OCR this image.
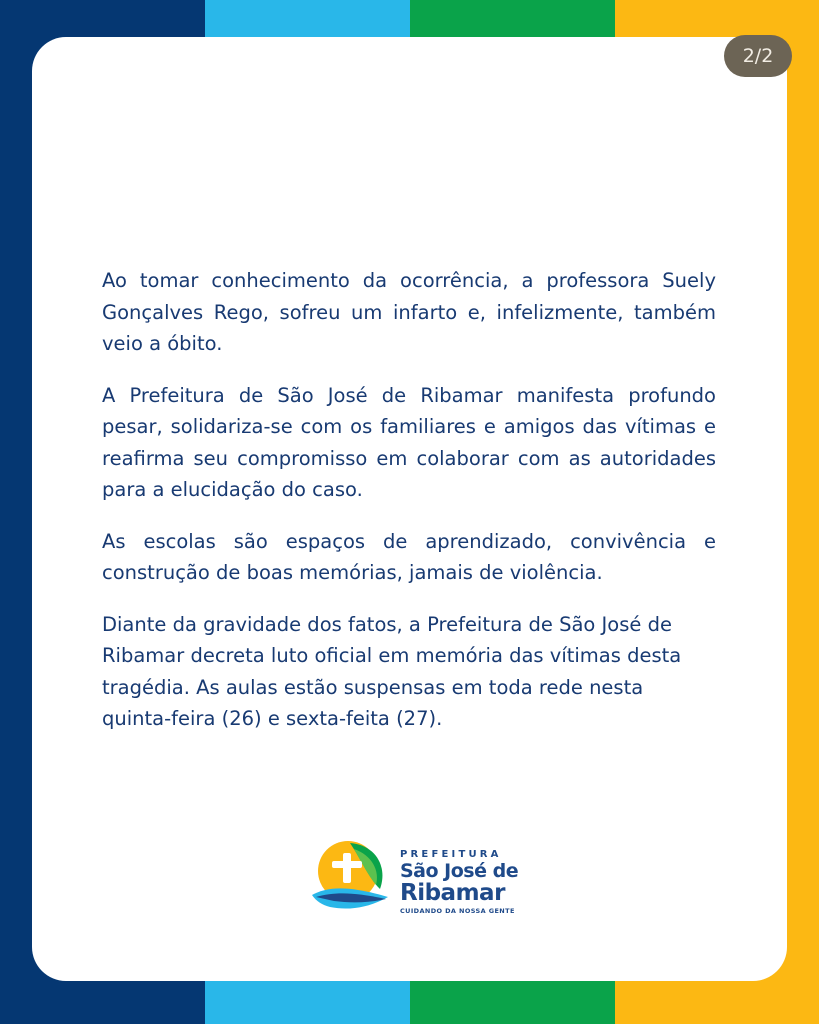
2/2

Ao tomar conhecimento da ocorrência, a professora Suely Gonçalves Rego, sofreu um infarto e, infelizmente, também veio a óbito.

A Prefeitura de São José de Ribamar manifesta profundo pesar, solidariza-se com os familiares e amigos das vítimas e reafirma seu compromisso em colaborar com as autoridades para a elucidação do caso.

As escolas são espaços de aprendizado, convivência e construção de boas memórias, jamais de violência.

Diante da gravidade dos fatos, a Prefeitura de São José de Ribamar decreta luto oficial em memória das vítimas desta tragédia. As aulas estão suspensas em toda rede nesta quinta-feira (26) e sexta-feita (27).

PREFEITURA
São José de
Ribamar
CUIDANDO DA NOSSA GENTE
